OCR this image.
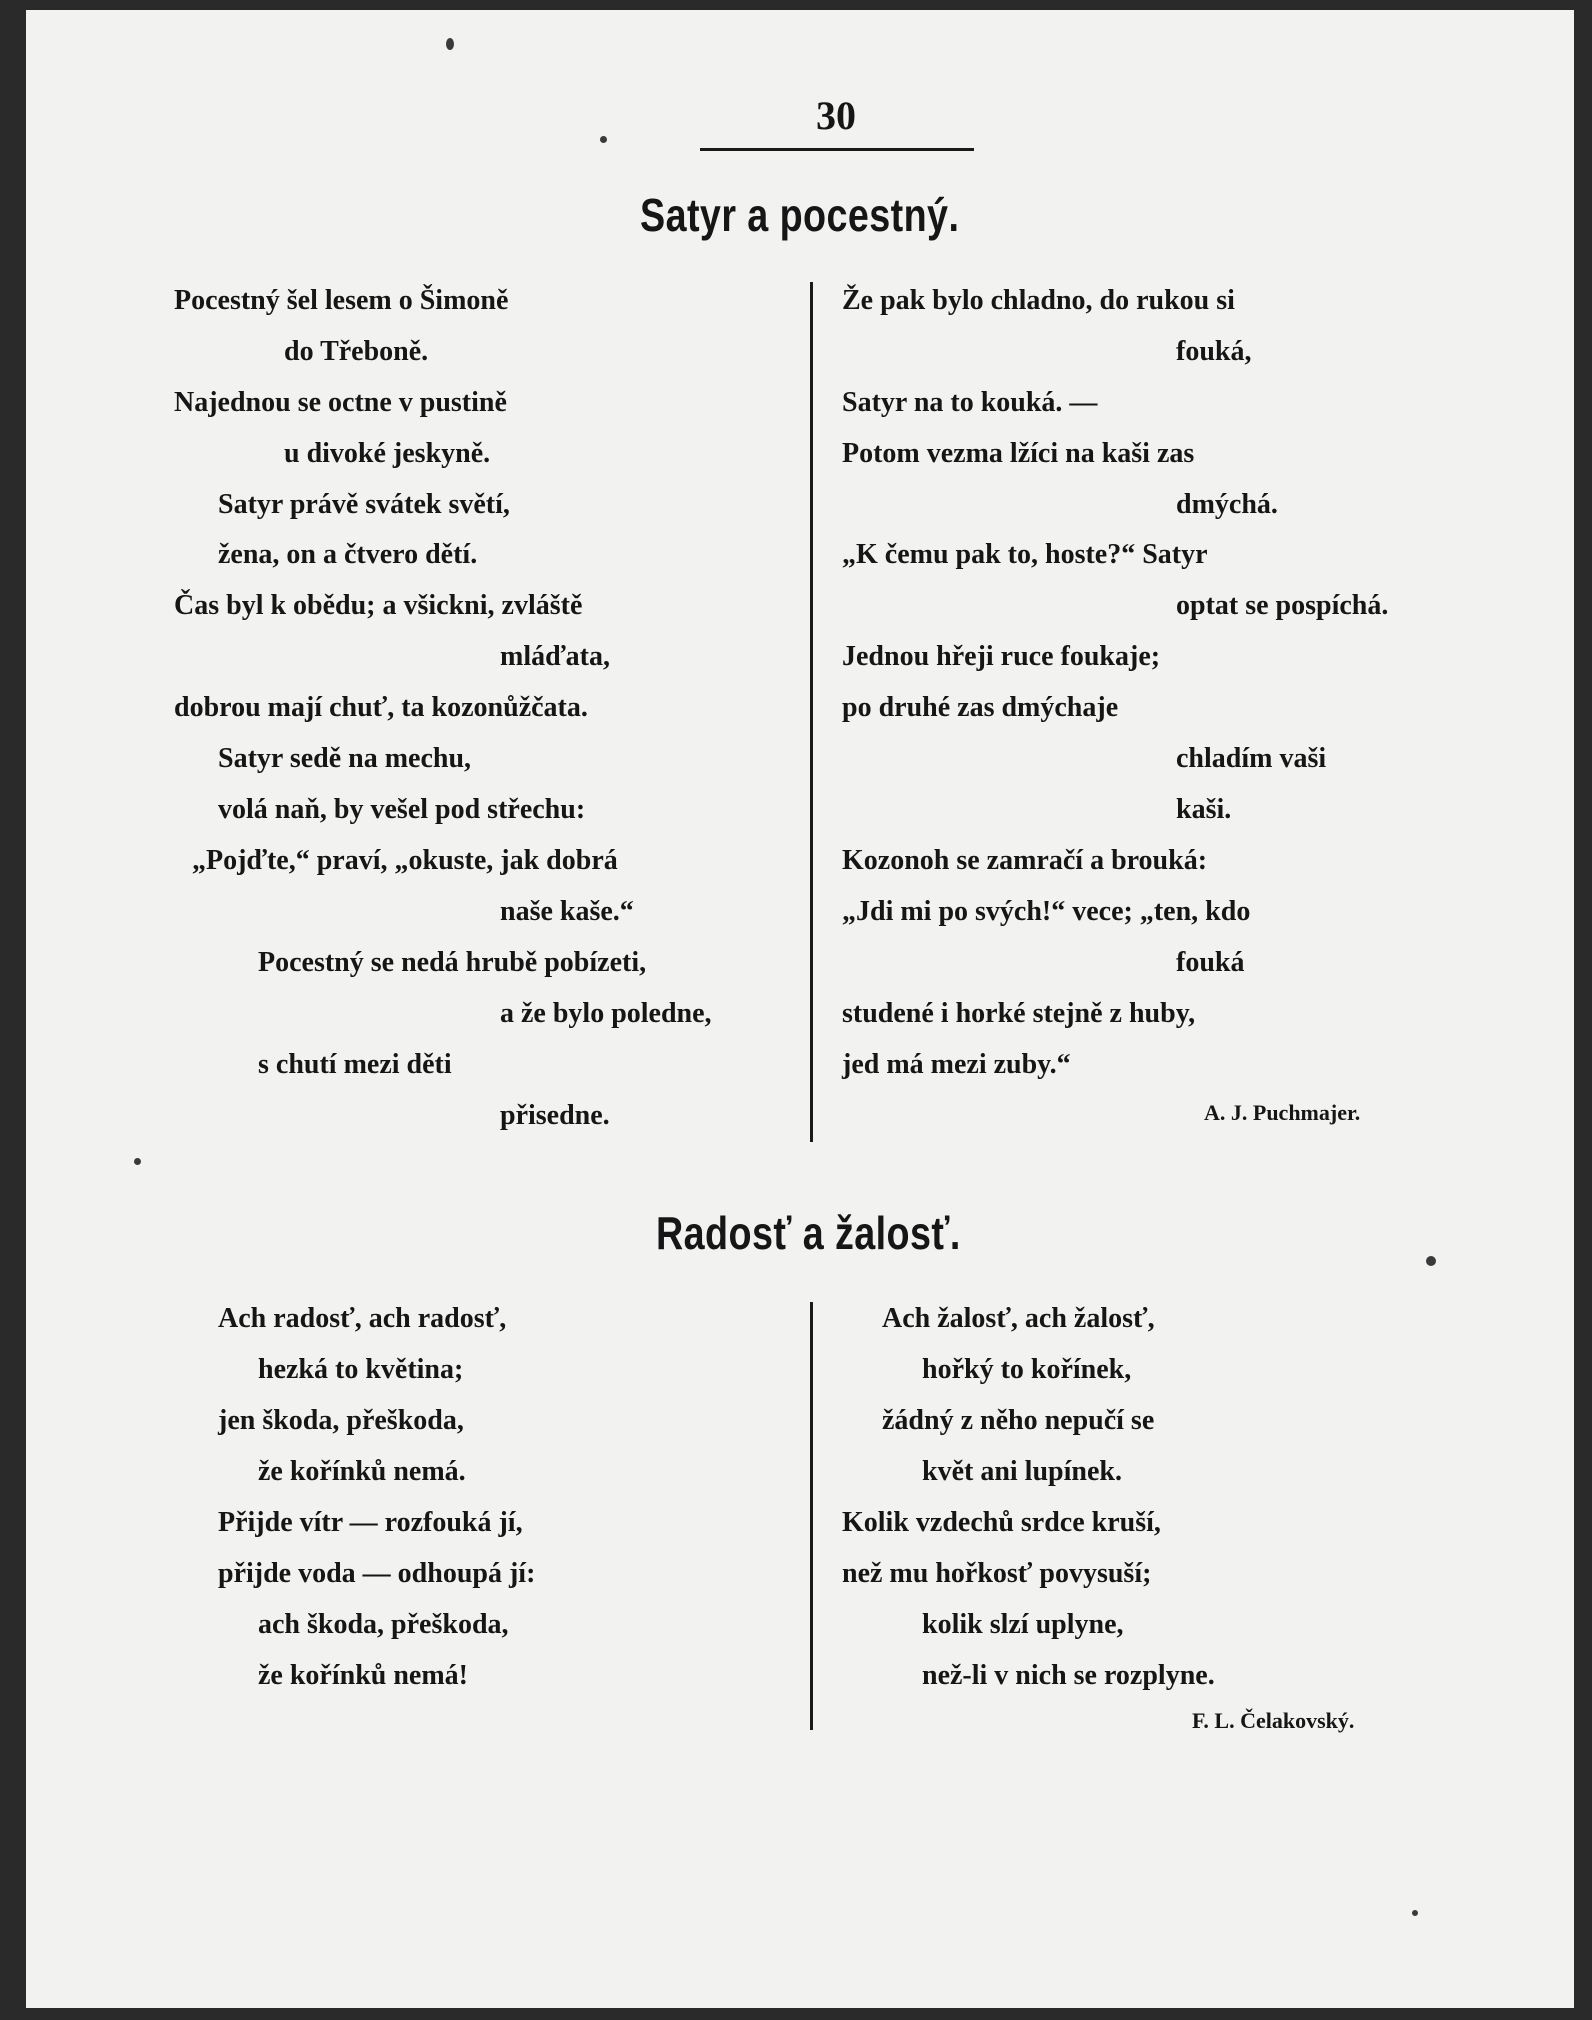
30
Satyr a pocestný.
Pocestný šel lesem o Šimoně
do Třeboně.
Najednou se octne v pustině
u divoké jeskyně.
Satyr právě svátek světí,
žena, on a čtvero dětí.
Čas byl k obědu; a všickni, zvláště
mláďata,
dobrou mají chuť, ta kozonůžčata.
Satyr sedě na mechu,
volá naň, by vešel pod střechu:
„Pojďte,“ praví, „okuste, jak dobrá
naše kaše.“
Pocestný se nedá hrubě pobízeti,
a že bylo poledne,
s chutí mezi děti
přisedne.
Že pak bylo chladno, do rukou si
fouká,
Satyr na to kouká. —
Potom vezma lžíci na kaši zas
dmýchá.
„K čemu pak to, hoste?“ Satyr
optat se pospíchá.
Jednou hřeji ruce foukaje;
po druhé zas dmýchaje
chladím vaši
kaši.
Kozonoh se zamračí a brouká:
„Jdi mi po svých!“ vece; „ten, kdo
fouká
studené i horké stejně z huby,
jed má mezi zuby.“
A. J. Puchmajer.
Radosť a žalosť.
Ach radosť, ach radosť,
hezká to květina;
jen škoda, přeškoda,
že kořínků nemá.
Přijde vítr — rozfouká jí,
přijde voda — odhoupá jí:
ach škoda, přeškoda,
že kořínků nemá!
Ach žalosť, ach žalosť,
hořký to kořínek,
žádný z něho nepučí se
květ ani lupínek.
Kolik vzdechů srdce kruší,
než mu hořkosť povysuší;
kolik slzí uplyne,
než-li v nich se rozplyne.
F. L. Čelakovský.
